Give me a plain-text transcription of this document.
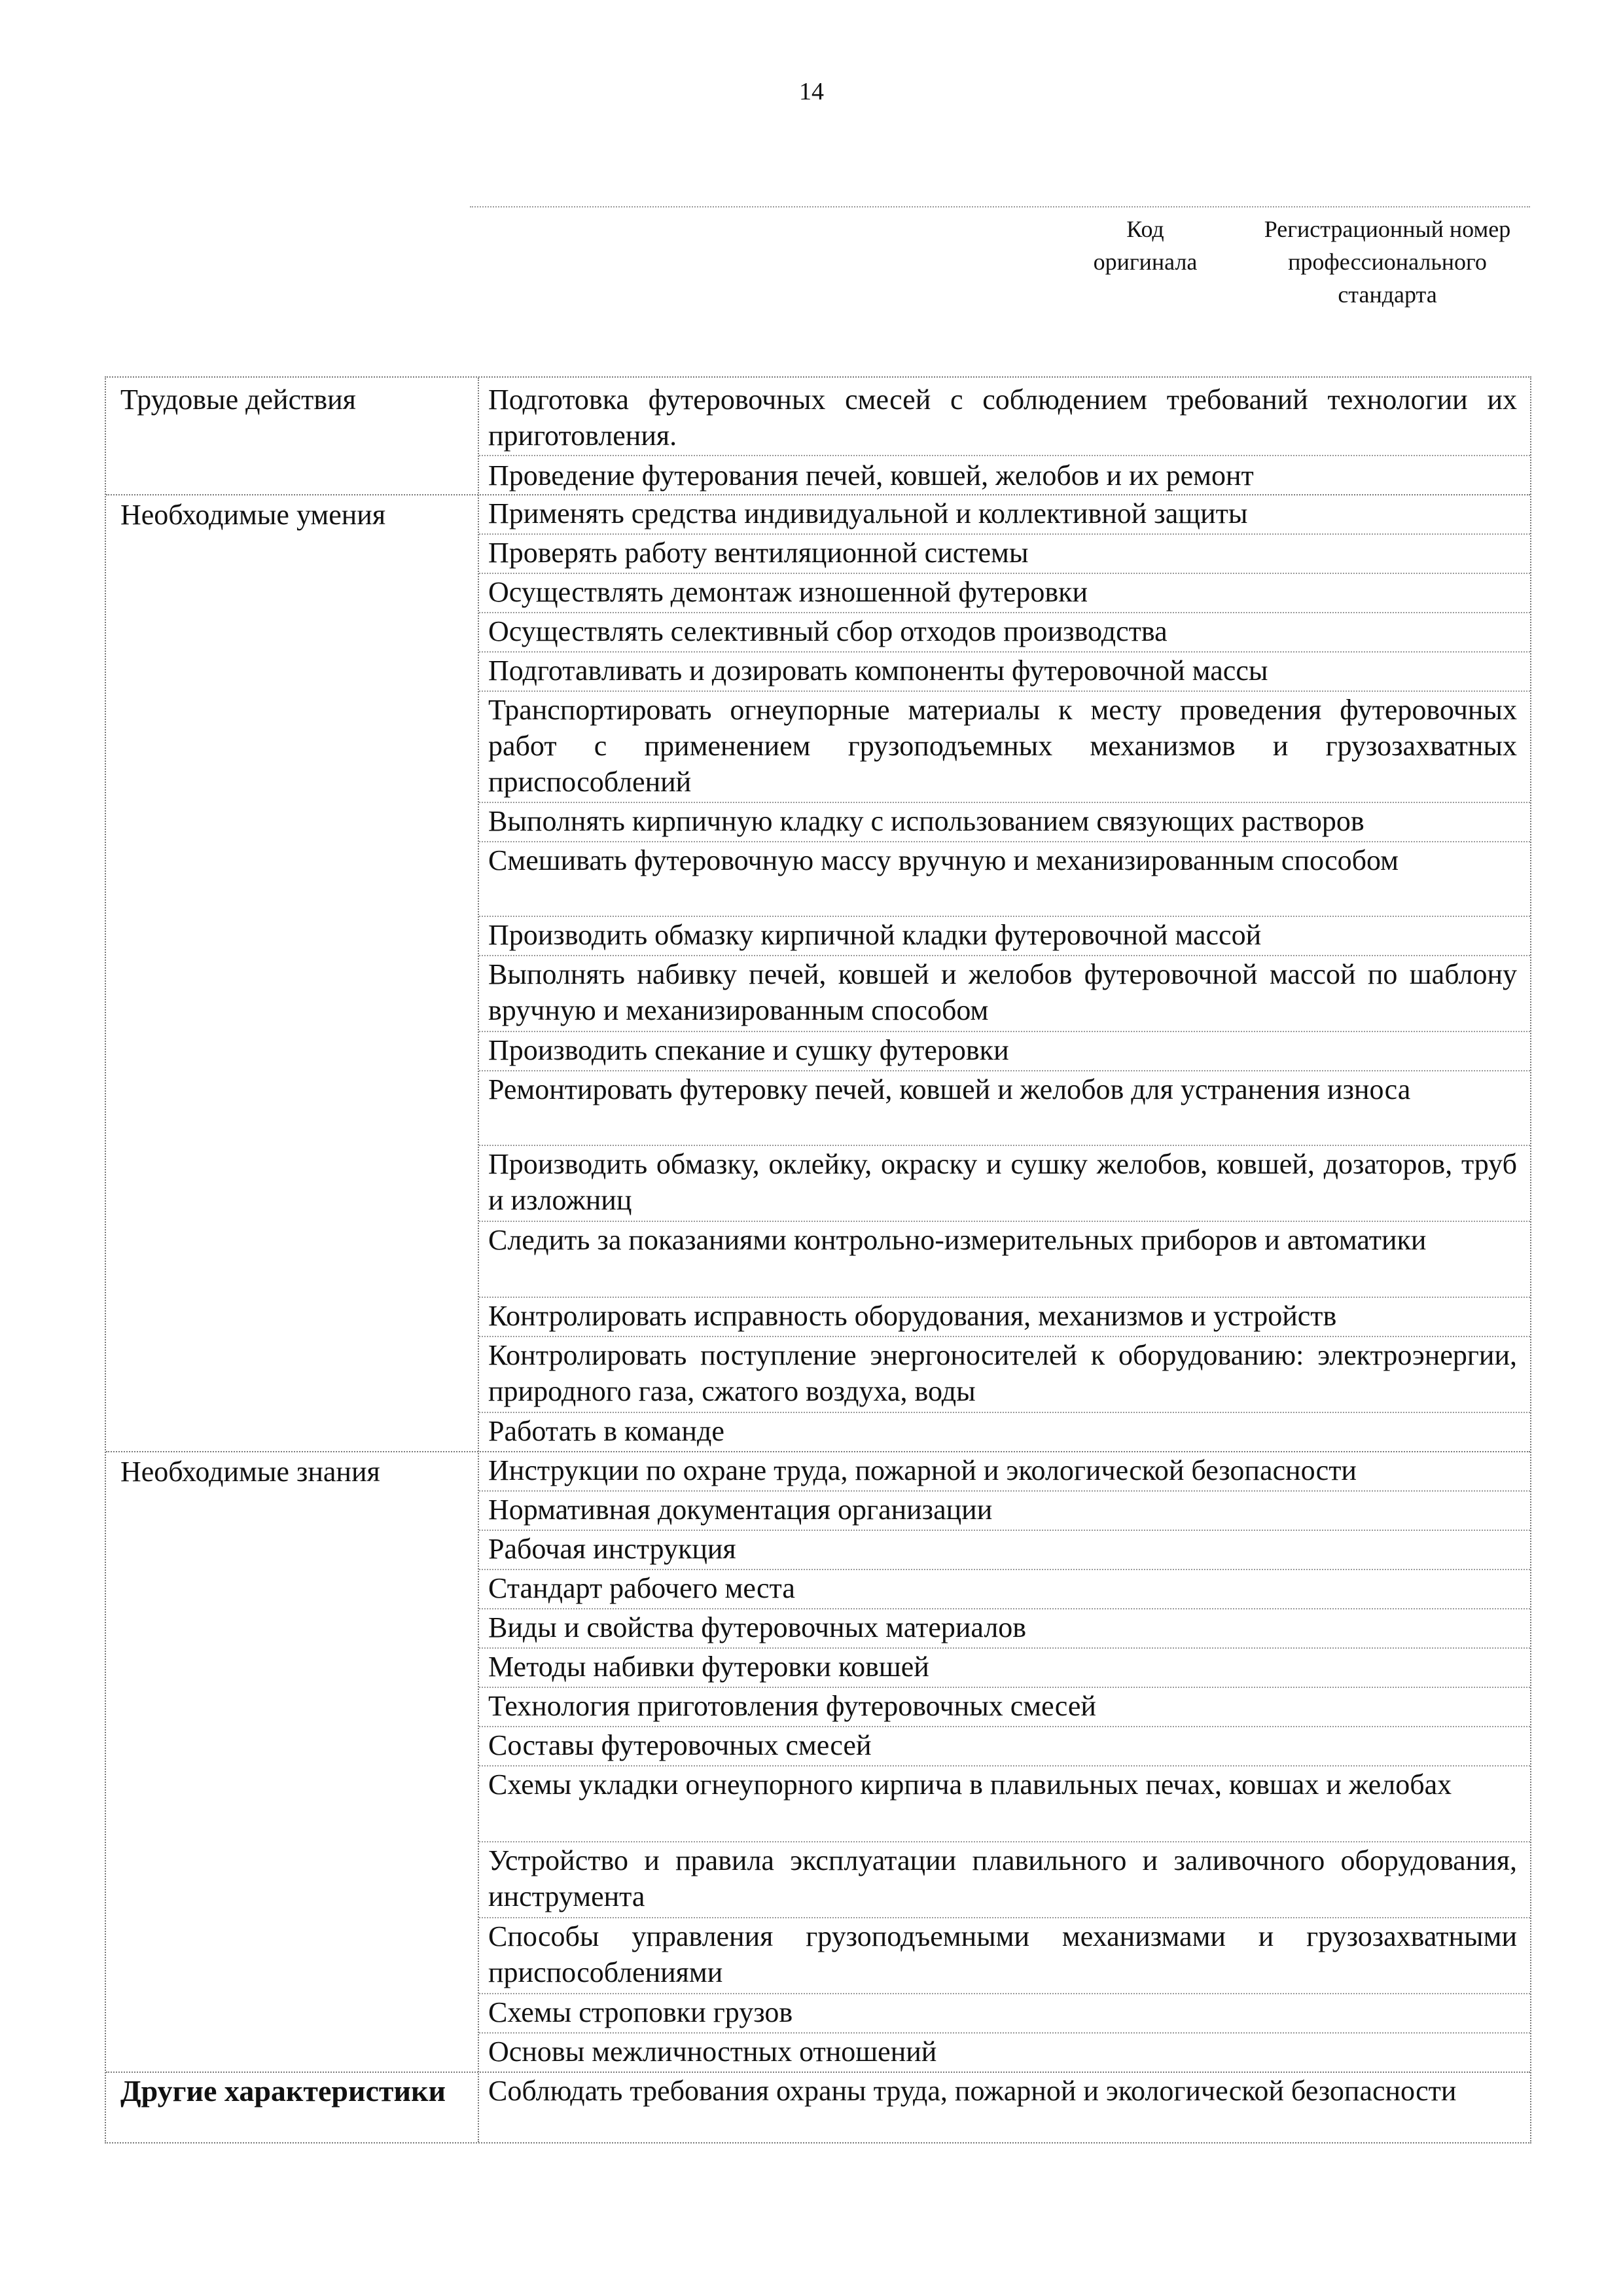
14
Код оригинала
Регистрационный номер профессионального стандарта
Трудовые действия	Подготовка футеровочных смесей с соблюдением требований технологии их приготовления.
Проведение футерования печей, ковшей, желобов и их ремонт
Необходимые умения	Применять средства индивидуальной и коллективной защиты
Проверять работу вентиляционной системы
Осуществлять демонтаж изношенной футеровки
Осуществлять селективный сбор отходов производства
Подготавливать и дозировать компоненты футеровочной массы
Транспортировать огнеупорные материалы к месту проведения футеровочных работ с применением грузоподъемных механизмов и грузозахватных приспособлений
Выполнять кирпичную кладку с использованием связующих растворов
Смешивать футеровочную массу вручную и механизированным способом
Производить обмазку кирпичной кладки футеровочной массой
Выполнять набивку печей, ковшей и желобов футеровочной массой по шаблону вручную и механизированным способом
Производить спекание и сушку футеровки
Ремонтировать футеровку печей, ковшей и желобов для устранения износа
Производить обмазку, оклейку, окраску и сушку желобов, ковшей, дозаторов, труб и изложниц
Следить за показаниями контрольно-измерительных приборов и автоматики
Контролировать исправность оборудования, механизмов и устройств
Контролировать поступление энергоносителей к оборудованию: электроэнергии, природного газа, сжатого воздуха, воды
Работать в команде
Необходимые знания	Инструкции по охране труда, пожарной и экологической безопасности
Нормативная документация организации
Рабочая инструкция
Стандарт рабочего места
Виды и свойства футеровочных материалов
Методы набивки футеровки ковшей
Технология приготовления футеровочных смесей
Составы футеровочных смесей
Схемы укладки огнеупорного кирпича в плавильных печах, ковшах и желобах
Устройство и правила эксплуатации плавильного и заливочного оборудования, инструмента
Способы управления грузоподъемными механизмами и грузозахватными приспособлениями
Схемы строповки грузов
Основы межличностных отношений
Другие характеристики	Соблюдать требования охраны труда, пожарной и экологической безопасности
